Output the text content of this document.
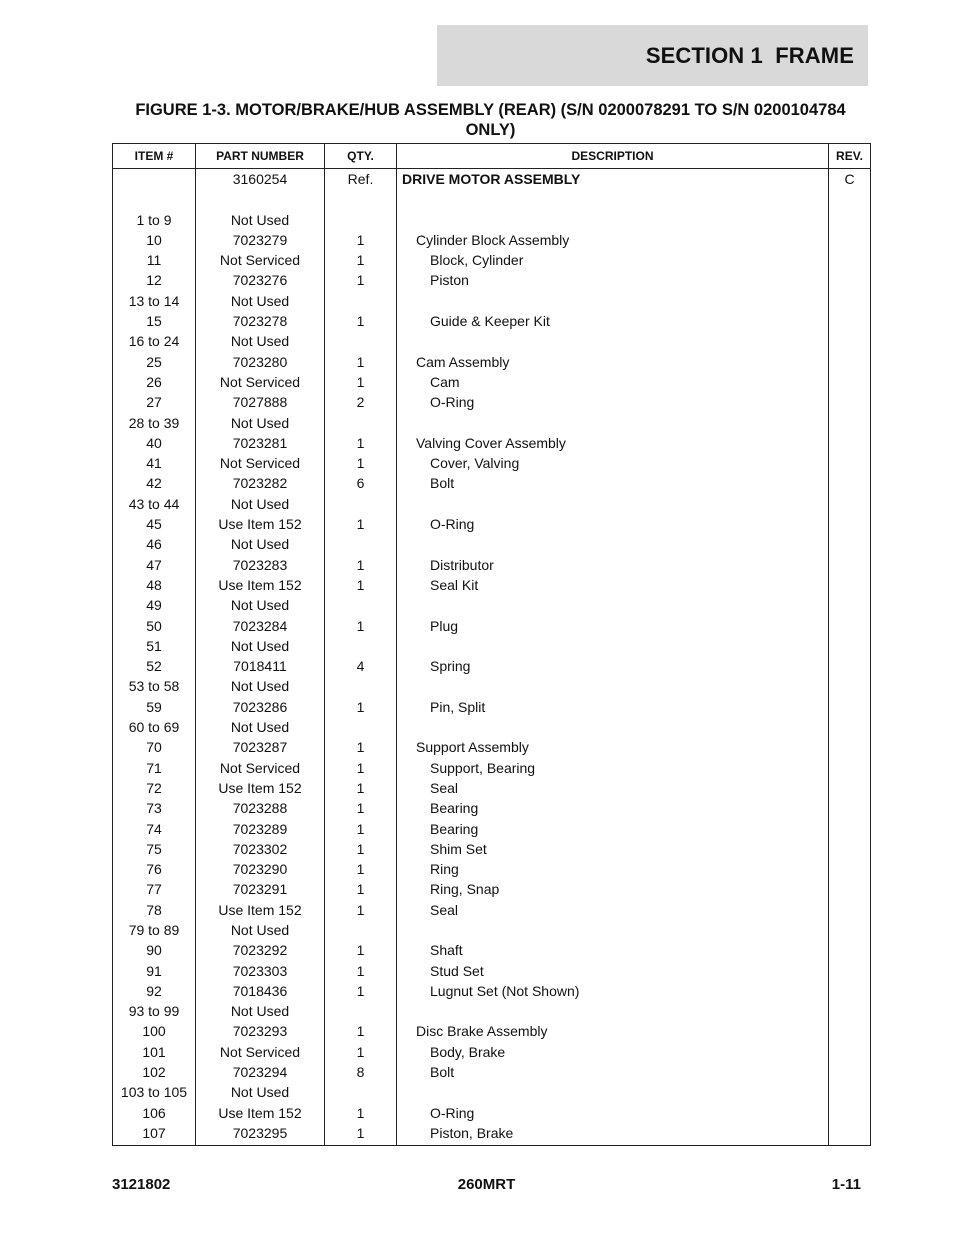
SECTION 1  FRAME
FIGURE 1-3. MOTOR/BRAKE/HUB ASSEMBLY (REAR) (S/N 0200078291 TO S/N 0200104784 ONLY)
ITEM #	PART NUMBER	QTY.	DESCRIPTION	REV.
	3160254	Ref.	DRIVE MOTOR ASSEMBLY	C

1 to 9	Not Used			
10	7023279	1	Cylinder Block Assembly	
11	Not Serviced	1	Block, Cylinder	
12	7023276	1	Piston	
13 to 14	Not Used			
15	7023278	1	Guide & Keeper Kit	
16 to 24	Not Used			
25	7023280	1	Cam Assembly	
26	Not Serviced	1	Cam	
27	7027888	2	O-Ring	
28 to 39	Not Used			
40	7023281	1	Valving Cover Assembly	
41	Not Serviced	1	Cover, Valving	
42	7023282	6	Bolt	
43 to 44	Not Used			
45	Use Item 152	1	O-Ring	
46	Not Used			
47	7023283	1	Distributor	
48	Use Item 152	1	Seal Kit	
49	Not Used			
50	7023284	1	Plug	
51	Not Used			
52	7018411	4	Spring	
53 to 58	Not Used			
59	7023286	1	Pin, Split	
60 to 69	Not Used			
70	7023287	1	Support Assembly	
71	Not Serviced	1	Support, Bearing	
72	Use Item 152	1	Seal	
73	7023288	1	Bearing	
74	7023289	1	Bearing	
75	7023302	1	Shim Set	
76	7023290	1	Ring	
77	7023291	1	Ring, Snap	
78	Use Item 152	1	Seal	
79 to 89	Not Used			
90	7023292	1	Shaft	
91	7023303	1	Stud Set	
92	7018436	1	Lugnut Set (Not Shown)	
93 to 99	Not Used			
100	7023293	1	Disc Brake Assembly	
101	Not Serviced	1	Body, Brake	
102	7023294	8	Bolt	
103 to 105	Not Used			
106	Use Item 152	1	O-Ring	
107	7023295	1	Piston, Brake	
260MRT
3121802	1-11
